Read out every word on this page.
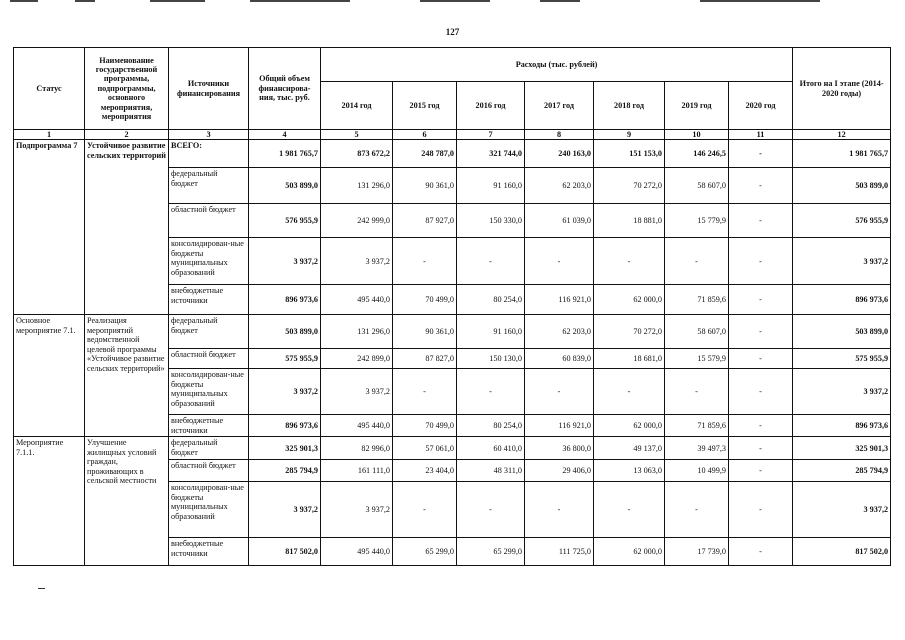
127
Статус	Наименование государственной программы, подпрограммы, основного мероприятия, мероприятия	Источники финансирования	Общий объем финансирова-ния, тыс. руб.	Расходы (тыс. рублей)							Итого на I этапе (2014-2020 годы)
				2014 год	2015 год	2016 год	2017 год	2018 год	2019 год	2020 год	
1	2	3	4	5	6	7	8	9	10	11	12
Подпрограмма 7	Устойчивое развитие сельских территорий	ВСЕГО:	1 981 765,7	873 672,2	248 787,0	321 744,0	240 163,0	151 153,0	146 246,5	-	1 981 765,7
		федеральный бюджет	503 899,0	131 296,0	90 361,0	91 160,0	62 203,0	70 272,0	58 607,0	-	503 899,0
		областной бюджет	576 955,9	242 999,0	87 927,0	150 330,0	61 039,0	18 881,0	15 779,9	-	576 955,9
		консолидирован-ные бюджеты муниципальных образований	3 937,2	3 937,2	-	-	-	-	-	-	3 937,2
		внебюджетные источники	896 973,6	495 440,0	70 499,0	80 254,0	116 921,0	62 000,0	71 859,6	-	896 973,6
Основное мероприятие 7.1.	Реализация мероприятий ведомственной целевой программы «Устойчивое развитие сельских территорий»	федеральный бюджет	503 899,0	131 296,0	90 361,0	91 160,0	62 203,0	70 272,0	58 607,0	-	503 899,0
		областной бюджет	575 955,9	242 899,0	87 827,0	150 130,0	60 839,0	18 681,0	15 579,9	-	575 955,9
		консолидирован-ные бюджеты муниципальных образований	3 937,2	3 937,2	-	-	-	-	-	-	3 937,2
		внебюджетные источники	896 973,6	495 440,0	70 499,0	80 254,0	116 921,0	62 000,0	71 859,6	-	896 973,6
Мероприятие 7.1.1.	Улучшение жилищных условий граждан, проживающих в сельской местности	федеральный бюджет	325 901,3	82 996,0	57 061,0	60 410,0	36 800,0	49 137,0	39 497,3	-	325 901,3
		областной бюджет	285 794,9	161 111,0	23 404,0	48 311,0	29 406,0	13 063,0	10 499,9	-	285 794,9
		консолидирован-ные бюджеты муниципальных образований	3 937,2	3 937,2	-	-	-	-	-	-	3 937,2
		внебюджетные источники	817 502,0	495 440,0	65 299,0	65 299,0	111 725,0	62 000,0	17 739,0	-	817 502,0
